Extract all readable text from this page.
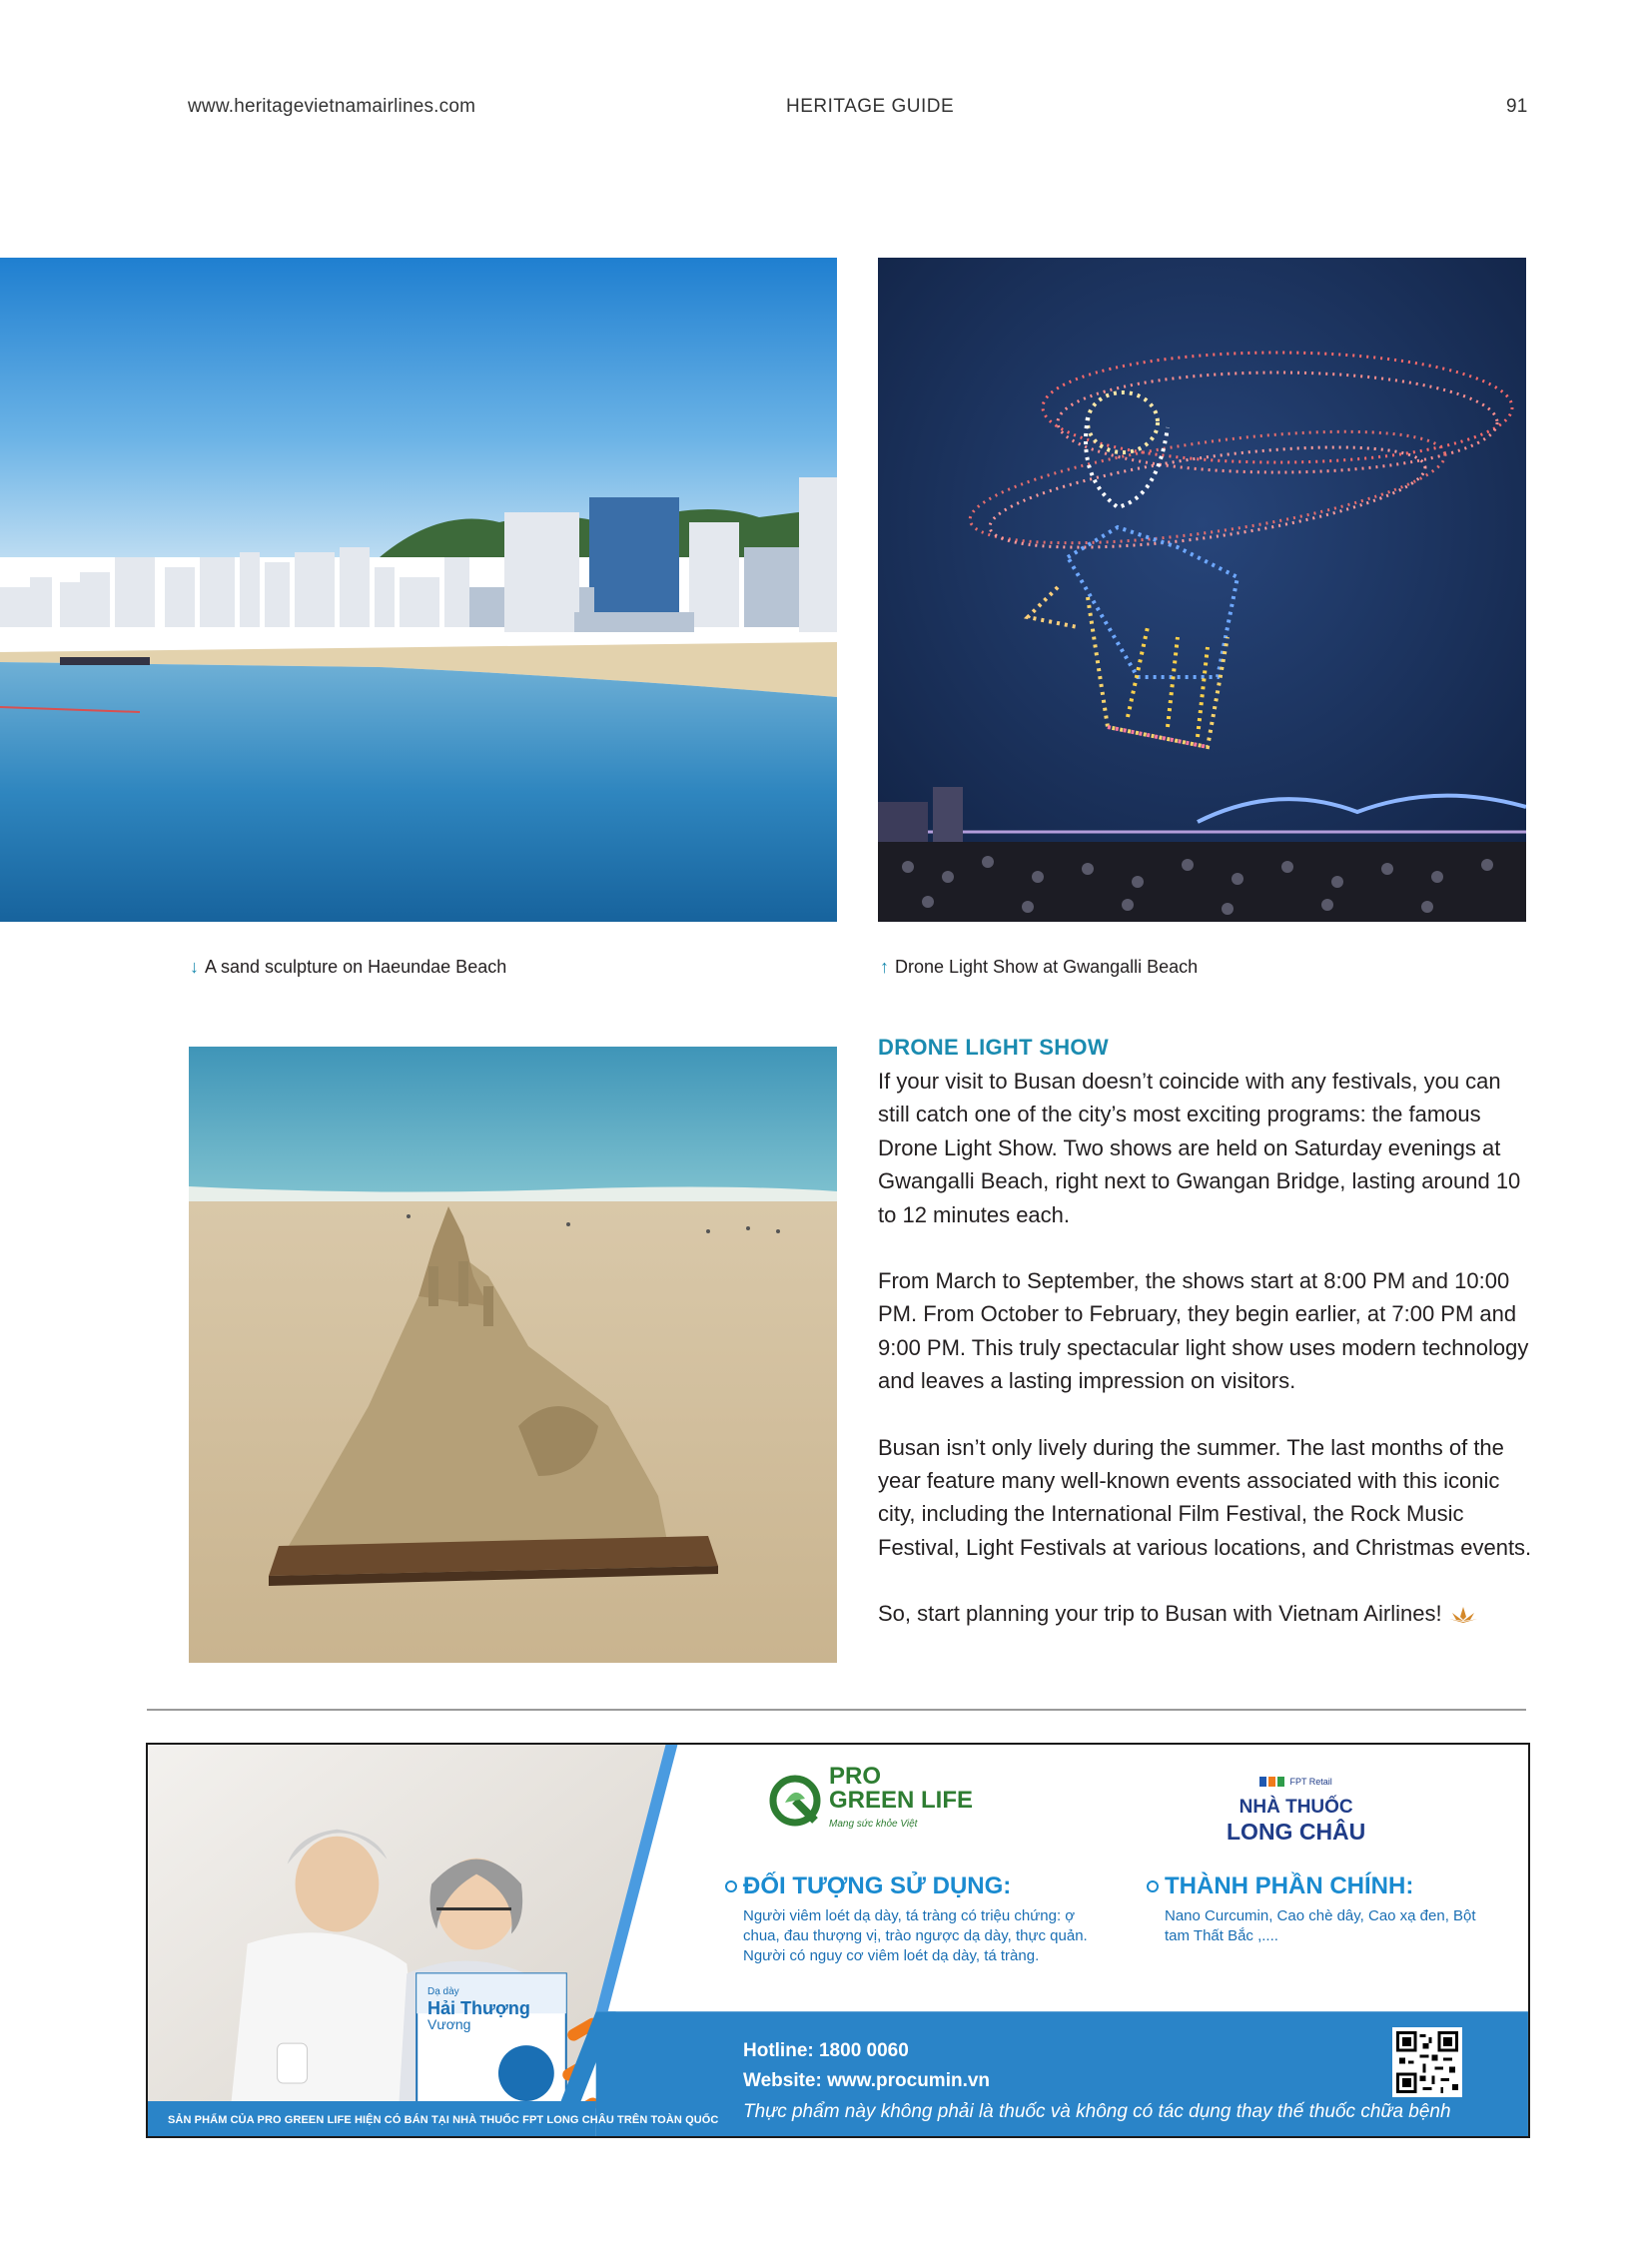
www.heritagevietnamairlines.com	HERITAGE GUIDE	91
↓ A sand sculpture on Haeundae Beach	↑ Drone Light Show at Gwangalli Beach
DRONE LIGHT SHOW

If your visit to Busan doesn’t coincide with any festivals, you can still catch one of the city’s most exciting programs: the famous Drone Light Show. Two shows are held on Saturday evenings at Gwangalli Beach, right next to Gwangan Bridge, lasting around 10 to 12 minutes each.

From March to September, the shows start at 8:00 PM and 10:00 PM. From October to February, they begin earlier, at 7:00 PM and 9:00 PM. This truly spectacular light show uses modern technology and leaves a lasting impression on visitors.

Busan isn’t only lively during the summer. The last months of the year feature many well-known events associated with this iconic city, including the International Film Festival, the Rock Music Festival, Light Festivals at various locations, and Christmas events.

So, start planning your trip to Busan with Vietnam Airlines!

PRO
GREEN LIFE
Mang sức khỏe Việt
FPT Retail
NHÀ THUỐC
LONG CHÂU
Dạ dày
Hải Thượng
Vương
ĐỐI TƯỢNG SỬ DỤNG:
Người viêm loét dạ dày, tá tràng có triệu chứng: ợ chua, đau thượng vị, trào ngược dạ dày, thực quản.
Người có nguy cơ viêm loét dạ dày, tá tràng.
THÀNH PHẦN CHÍNH:
Nano Curcumin, Cao chè dây, Cao xạ đen, Bột tam Thất Bắc ,....
Hotline: 1800 0060
Website: www.procumin.vn
Thực phẩm này không phải là thuốc và không có tác dụng thay thế thuốc chữa bệnh
SẢN PHẨM CỦA PRO GREEN LIFE HIỆN CÓ BÁN TẠI NHÀ THUỐC FPT LONG CHÂU TRÊN TOÀN QUỐC
